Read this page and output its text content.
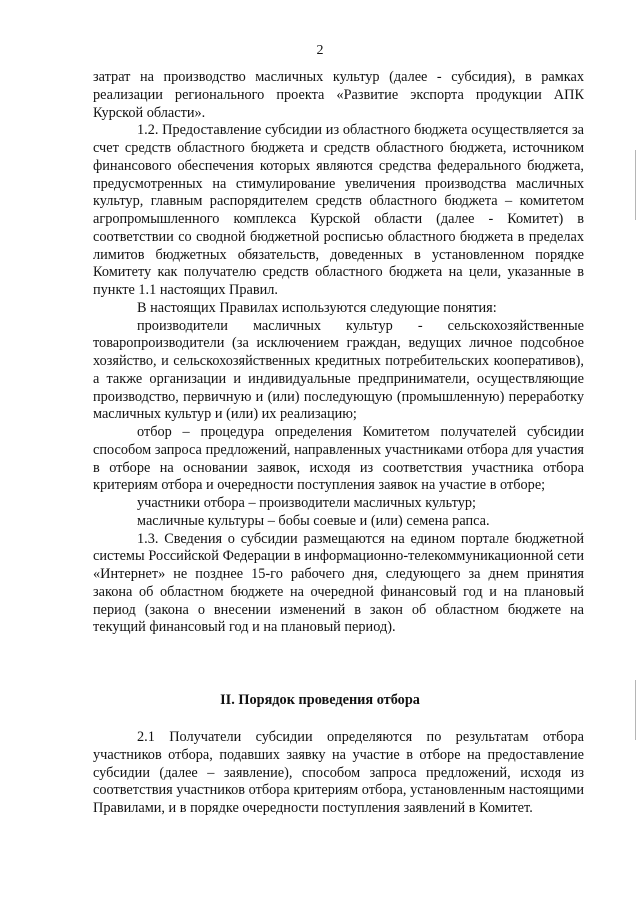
2

затрат на производство масличных культур (далее - субсидия), в рамках реализации регионального проекта «Развитие экспорта продукции АПК Курской области».

1.2. Предоставление субсидии из областного бюджета осуществляется за счет средств областного бюджета и средств областного бюджета, источником финансового обеспечения которых являются средства федерального бюджета, предусмотренных на стимулирование увеличения производства масличных культур, главным распорядителем средств областного бюджета – комитетом агропромышленного комплекса Курской области (далее - Комитет) в соответствии со сводной бюджетной росписью областного бюджета в пределах лимитов бюджетных обязательств, доведенных в установленном порядке Комитету как получателю средств областного бюджета на цели, указанные в пункте 1.1 настоящих Правил.

В настоящих Правилах используются следующие понятия:

производители масличных культур - сельскохозяйственные товаропроизводители (за исключением граждан, ведущих личное подсобное хозяйство, и сельскохозяйственных кредитных потребительских кооперативов), а также организации и индивидуальные предприниматели, осуществляющие производство, первичную и (или) последующую (промышленную) переработку масличных культур и (или) их реализацию;

отбор – процедура определения Комитетом получателей субсидии способом запроса предложений, направленных участниками отбора для участия в отборе на основании заявок, исходя из соответствия участника отбора критериям отбора и очередности поступления заявок на участие в отборе;

участники отбора – производители масличных культур;

масличные культуры – бобы соевые и (или) семена рапса.

1.3. Сведения о субсидии размещаются на едином портале бюджетной системы Российской Федерации в информационно-телекоммуникационной сети «Интернет» не позднее 15-го рабочего дня, следующего за днем принятия закона об областном бюджете на очередной финансовый год и на плановый период (закона о внесении изменений в закон об областном бюджете на текущий финансовый год и на плановый период).

II. Порядок проведения отбора

2.1 Получатели субсидии определяются по результатам отбора участников отбора, подавших заявку на участие в отборе на предоставление субсидии (далее – заявление), способом запроса предложений, исходя из соответствия участников отбора критериям отбора, установленным настоящими Правилами, и в порядке очередности поступления заявлений в Комитет.
